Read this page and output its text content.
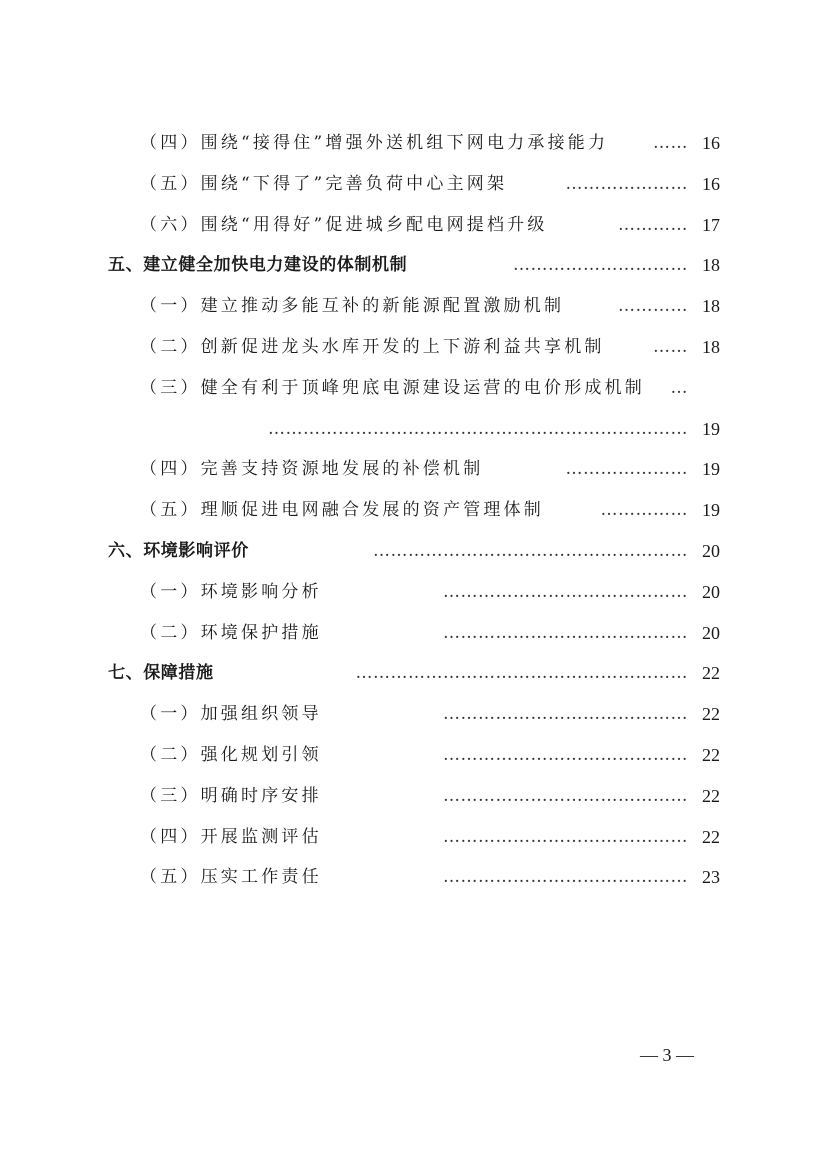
……
（四）围绕“接得住”增强外送机组下网电力承接能力	16
…………………
（五）围绕“下得了”完善负荷中心主网架	16
…………
（六）围绕“用得好”促进城乡配电网提档升级	17
…………………………
五、建立健全加快电力建设的体制机制	18
…………
（一）建立推动多能互补的新能源配置激励机制	18
……
（二）创新促进龙头水库开发的上下游利益共享机制	18
…
（三）健全有利于顶峰兜底电源建设运营的电价形成机制
……………………………………………………………… 19
…………………
（四）完善支持资源地发展的补偿机制	19
……………
（五）理顺促进电网融合发展的资产管理体制	19
………………………………………………
六、环境影响评价	20
……………………………………
（一）环境影响分析	20
……………………………………
（二）环境保护措施	20
…………………………………………………
七、保障措施	22
……………………………………
（一）加强组织领导	22
……………………………………
（二）强化规划引领	22
……………………………………
（三）明确时序安排	22
……………………………………
（四）开展监测评估	22
……………………………………
（五）压实工作责任	23
— 3 —
